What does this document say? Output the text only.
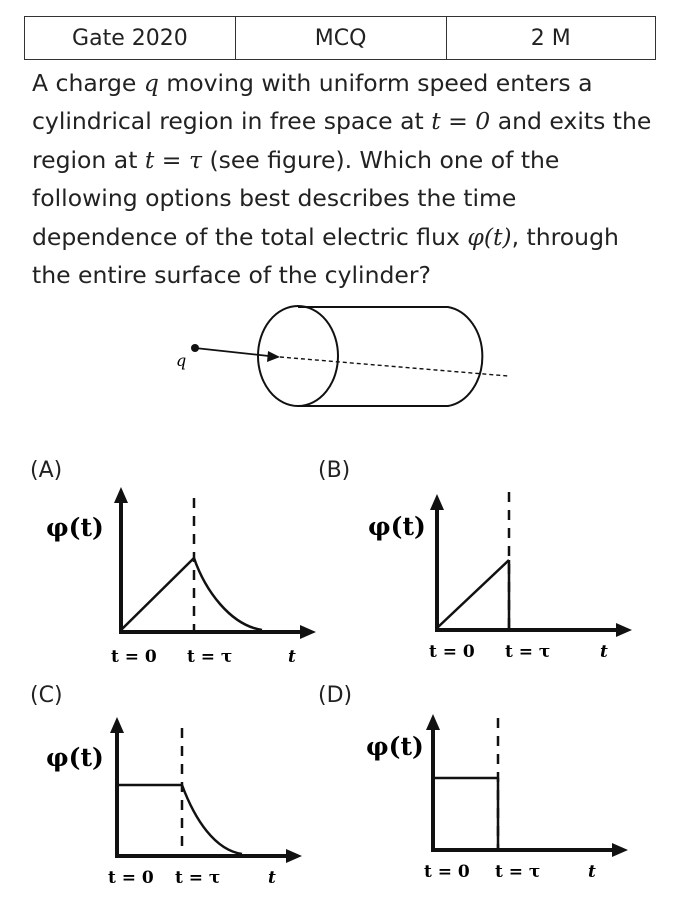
Gate 2020	MCQ	2 M
A charge q moving with uniform speed enters a cylindrical region in free space at t = 0 and exits the region at t = τ (see figure). Which one of the following options best describes the time dependence of the total electric flux φ(t), through the entire surface of the cylinder?
q
φ(t)
t = 0 t = τ	t
φ(t)
t = 0 t = τ	t
φ(t)
t = 0 t = τ	t
φ(t)
t = 0 t = τ	t
(A)	(B)
(C)	(D)
